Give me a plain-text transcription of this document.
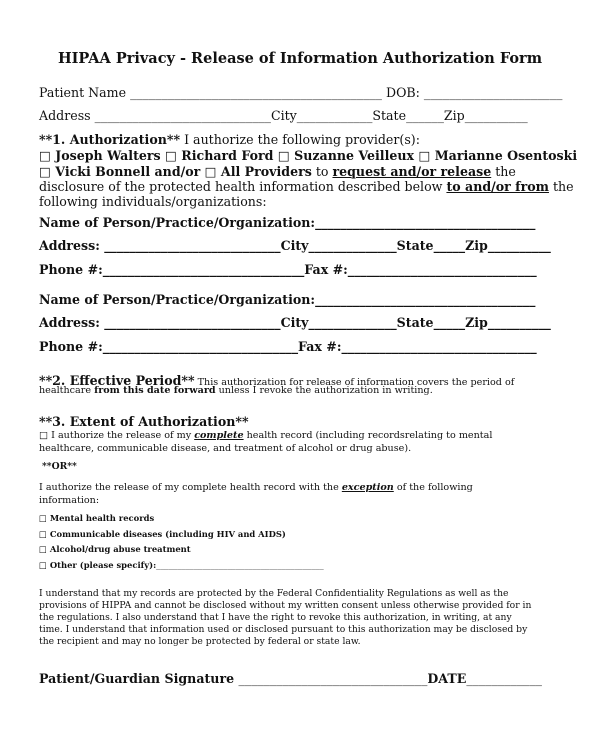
HIPAA Privacy - Release of Information Authorization Form
Patient Name ________________________________________ DOB: ______________________
Address ____________________________City____________State______Zip__________
**1. Authorization** I authorize the following provider(s):
□ Joseph Walters □ Richard Ford □ Suzanne Veilleux □ Marianne Osentoski
□ Vicki Bonnell and/or □ All Providers to request and/or release the
disclosure of the protected health information described below to and/or from the
following individuals/organizations:
Name of Person/Practice/Organization:___________________________________
Address: ____________________________City______________State_____Zip__________
Phone #:________________________________Fax #:______________________________
Name of Person/Practice/Organization:___________________________________
Address: ____________________________City______________State_____Zip__________
Phone #:_______________________________Fax #:_______________________________
**2. Effective Period** This authorization for release of information covers the period of
healthcare from this date forward unless I revoke the authorization in writing.
**3. Extent of Authorization**
□ I authorize the release of my complete health record (including recordsrelating to mental
healthcare, communicable disease, and treatment of alcohol or drug abuse).
**OR**
I authorize the release of my complete health record with the exception of the following
information:
□ Mental health records
□ Communicable diseases (including HIV and AIDS)
□ Alcohol/drug abuse treatment
□ Other (please specify):________________________________________
I understand that my records are protected by the Federal Confidentiality Regulations as well as the
provisions of HIPPA and cannot be disclosed without my written consent unless otherwise provided for in
the regulations. I also understand that I have the right to revoke this authorization, in writing, at any
time. I understand that information used or disclosed pursuant to this authorization may be disclosed by
the recipient and may no longer be protected by federal or state law.
Patient/Guardian Signature ______________________________DATE____________
